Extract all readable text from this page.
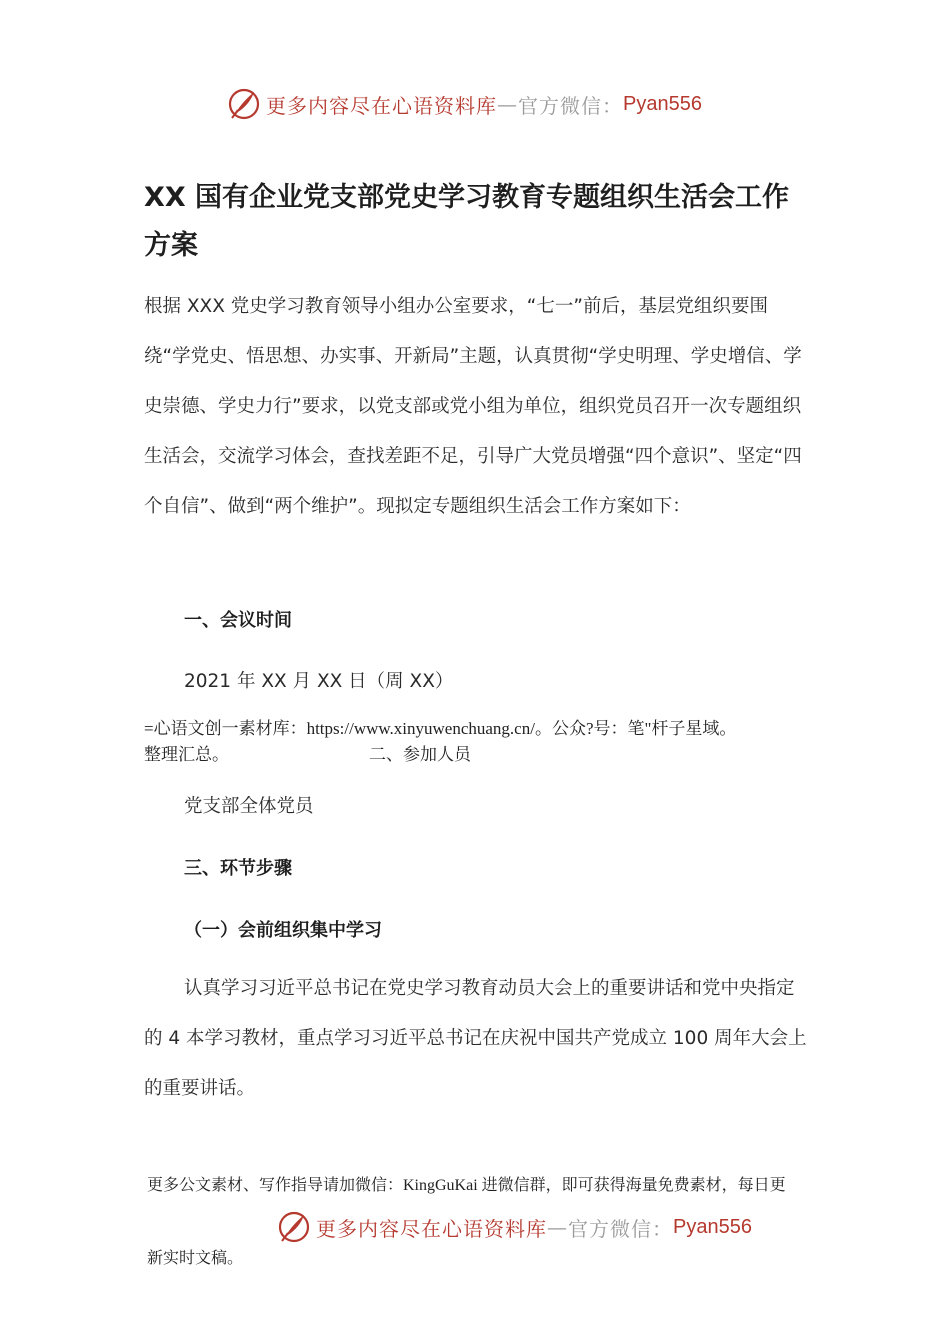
更多内容尽在心语资料库 — 官方微信： Pyan556
XX 国有企业党支部党史学习教育专题组织生活会工作方案

根据 XXX 党史学习教育领导小组办公室要求，“七一”前后，基层党组织要围绕“学党史、悟思想、办实事、开新局”主题，认真贯彻“学史明理、学史增信、学史崇德、学史力行”要求，以党支部或党小组为单位，组织党员召开一次专题组织生活会，交流学习体会，查找差距不足，引导广大党员增强“四个意识”、坚定“四个自信”、做到“两个维护”。现拟定专题组织生活会工作方案如下：

一、会议时间

2021 年 XX 月 XX 日（周 XX）

=心语文创一素材库：https://www.xinyuwenchuang.cn/。公众?号：笔"杆子星域。
整理汇总。	二、参加人员

党支部全体党员

三、环节步骤

（一）会前组织集中学习

认真学习习近平总书记在党史学习教育动员大会上的重要讲话和党中央指定的 4 本学习教材，重点学习习近平总书记在庆祝中国共产党成立 100 周年大会上的重要讲话。

更多公文素材、写作指导请加微信：KingGuKai 进微信群，即可获得海量免费素材，每日更

更多内容尽在心语资料库 — 官方微信： Pyan556

新实时文稿。
